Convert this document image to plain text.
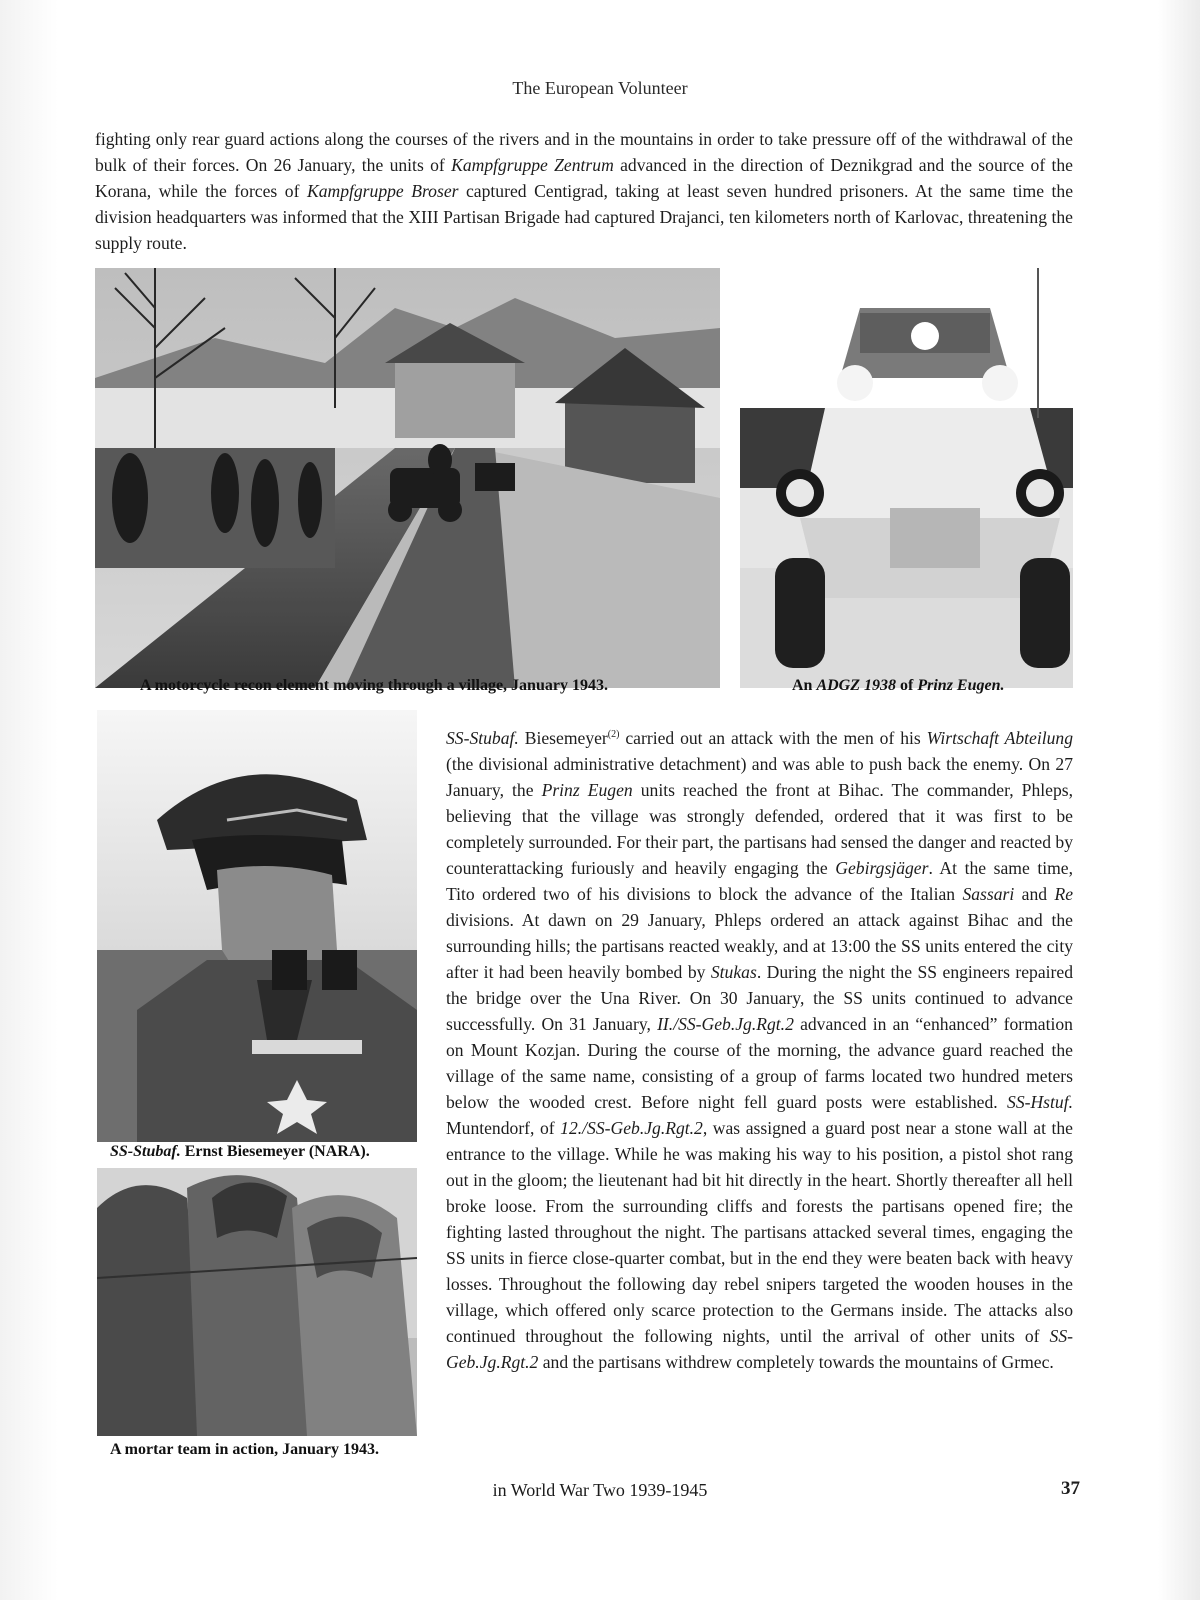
The European Volunteer

fighting only rear guard actions along the courses of the rivers and in the mountains in order to take pressure off of the withdrawal of the bulk of their forces. On 26 January, the units of Kampfgruppe Zentrum advanced in the direction of Deznikgrad and the source of the Korana, while the forces of Kampfgruppe Broser captured Centigrad, taking at least seven hundred prisoners. At the same time the division headquarters was informed that the XIII Partisan Brigade had captured Drajanci, ten kilometers north of Karlovac, threatening the supply route.

A motorcycle recon element moving through a village, January 1943.	An ADGZ 1938 of Prinz Eugen.
SS-Stubaf. Ernst Biesemeyer (NARA).
A mortar team in action, January 1943.

SS-Stubaf. Biesemeyer$^{(2)}$ carried out an attack with the men of his Wirtschaft Abteilung (the divisional administrative detachment) and was able to push back the enemy. On 27 January, the Prinz Eugen units reached the front at Bihac. The commander, Phleps, believing that the village was strongly defended, ordered that it was first to be completely surrounded. For their part, the partisans had sensed the danger and reacted by counterattacking furiously and heavily engaging the Gebirgsjäger. At the same time, Tito ordered two of his divisions to block the advance of the Italian Sassari and Re divisions. At dawn on 29 January, Phleps ordered an attack against Bihac and the surrounding hills; the partisans reacted weakly, and at 13:00 the SS units entered the city after it had been heavily bombed by Stukas. During the night the SS engineers repaired the bridge over the Una River. On 30 January, the SS units continued to advance successfully. On 31 January, II./SS-Geb.Jg.Rgt.2 advanced in an “enhanced” formation on Mount Kozjan. During the course of the morning, the advance guard reached the village of the same name, consisting of a group of farms located two hundred meters below the wooded crest. Before night fell guard posts were established. SS-Hstuf. Muntendorf, of 12./SS-Geb.Jg.Rgt.2, was assigned a guard post near a stone wall at the entrance to the village. While he was making his way to his position, a pistol shot rang out in the gloom; the lieutenant had bit hit directly in the heart. Shortly thereafter all hell broke loose. From the surrounding cliffs and forests the partisans opened fire; the fighting lasted throughout the night. The partisans attacked several times, engaging the SS units in fierce close-quarter combat, but in the end they were beaten back with heavy losses. Throughout the following day rebel snipers targeted the wooden houses in the village, which offered only scarce protection to the Germans inside. The attacks also continued throughout the following nights, until the arrival of other units of SS-Geb.Jg.Rgt.2 and the partisans withdrew completely towards the mountains of Grmec.

in World War Two 1939-1945	37
